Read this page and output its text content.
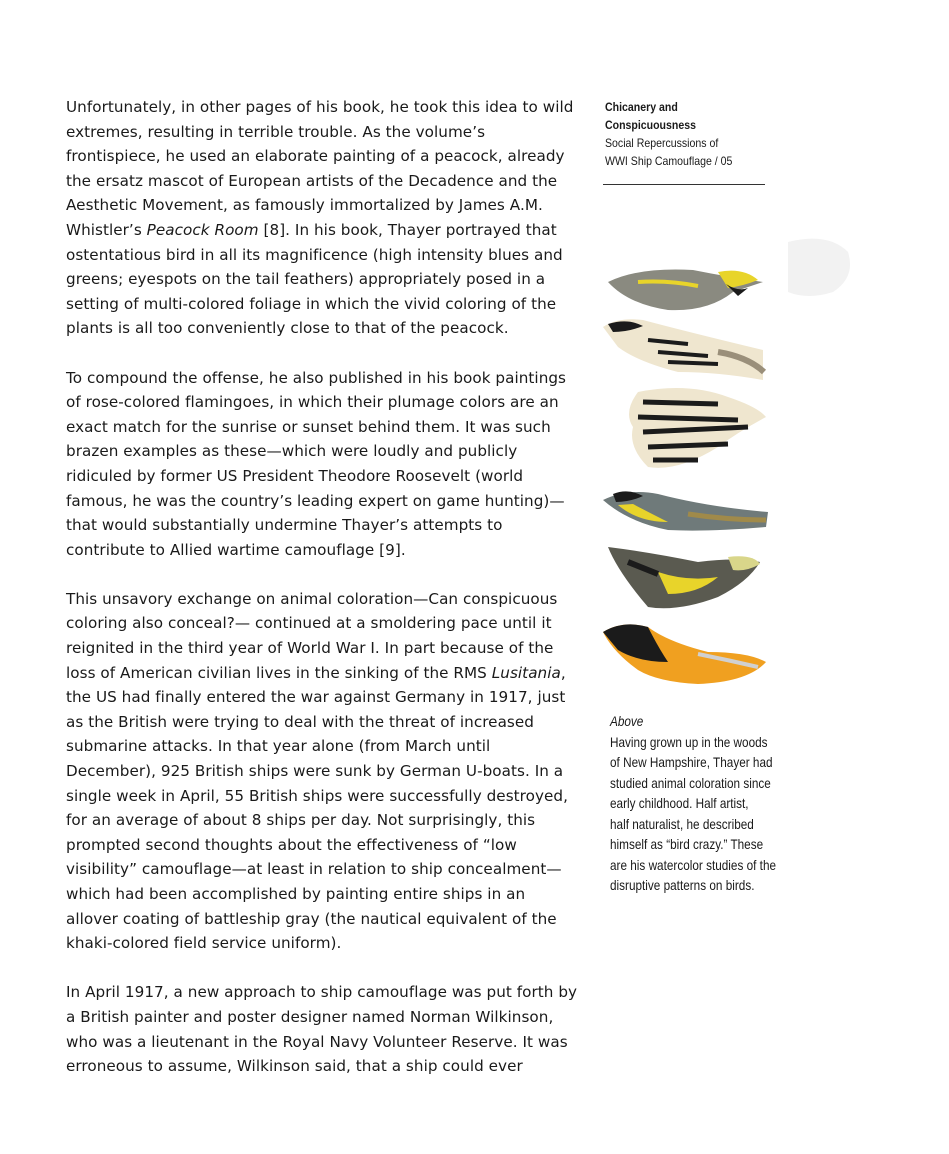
Unfortunately, in other pages of his book, he took this idea to wild extremes, resulting in terrible trouble. As the volume’s frontispiece, he used an elaborate painting of a peacock, already the ersatz mascot of European artists of the Decadence and the Aesthetic Movement, as famously immortalized by James A.M. Whistler’s Peacock Room [8]. In his book, Thayer portrayed that ostentatious bird in all its magnificence (high intensity blues and greens; eyespots on the tail feathers) appropriately posed in a setting of multi-colored foliage in which the vivid coloring of the plants is all too conveniently close to that of the peacock.

To compound the offense, he also published in his book paintings of rose-colored flamingoes, in which their plumage colors are an exact match for the sunrise or sunset behind them. It was such brazen examples as these—which were loudly and publicly ridiculed by former US President Theodore Roosevelt (world famous, he was the country’s leading expert on game hunting)—that would substantially undermine Thayer’s attempts to contribute to Allied wartime camouflage [9].

This unsavory exchange on animal coloration—Can conspicuous coloring also conceal?— continued at a smoldering pace until it reignited in the third year of World War I. In part because of the loss of American civilian lives in the sinking of the RMS Lusitania, the US had finally entered the war against Germany in 1917, just as the British were trying to deal with the threat of increased submarine attacks. In that year alone (from March until December), 925 British ships were sunk by German U-boats. In a single week in April, 55 British ships were successfully destroyed, for an average of about 8 ships per day. Not surprisingly, this prompted second thoughts about the effectiveness of “low visibility” camouflage—at least in relation to ship concealment—which had been accomplished by painting entire ships in an allover coating of battleship gray (the nautical equivalent of the khaki-colored field service uniform).

In April 1917, a new approach to ship camouflage was put forth by a British painter and poster designer named Norman Wilkinson, who was a lieutenant in the Royal Navy Volunteer Reserve. It was erroneous to assume, Wilkinson said, that a ship could ever

Chicanery and
Conspicuousness
Social Repercussions of
WWI Ship Camouflage / 05
Above
Having grown up in the woods
of New Hampshire, Thayer had
studied animal coloration since
early childhood. Half artist,
half naturalist, he described
himself as “bird crazy.” These
are his watercolor studies of the
disruptive patterns on birds.
